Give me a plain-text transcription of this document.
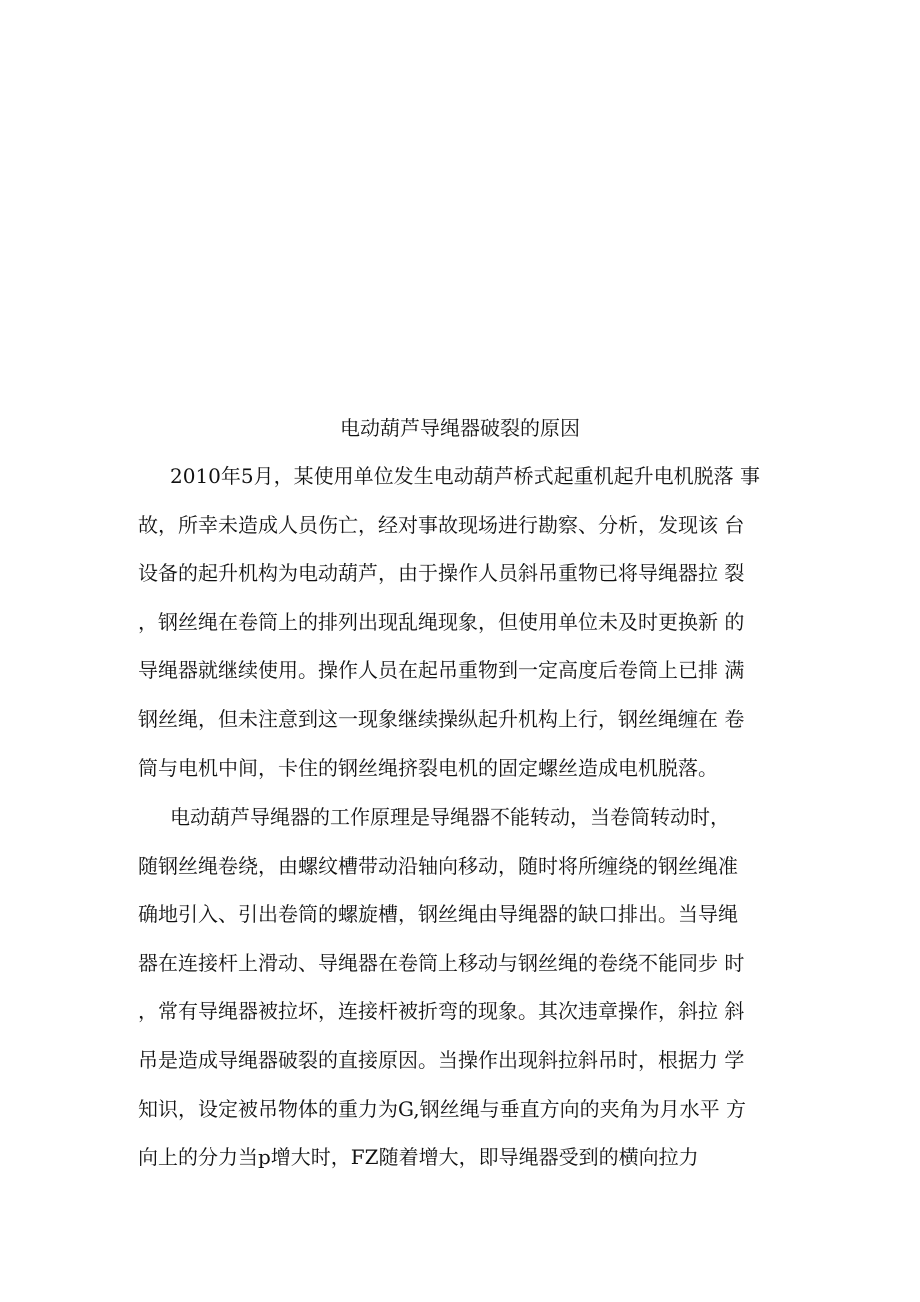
电动葫芦导绳器破裂的原因
2010年5月，某使用单位发生电动葫芦桥式起重机起升电机脱落 事
故，所幸未造成人员伤亡，经对事故现场进行勘察、分析，发现该 台
设备的起升机构为电动葫芦，由于操作人员斜吊重物已将导绳器拉 裂
，钢丝绳在卷筒上的排列出现乱绳现象，但使用单位未及时更换新 的
导绳器就继续使用。操作人员在起吊重物到一定高度后卷筒上已排 满
钢丝绳，但未注意到这一现象继续操纵起升机构上行，钢丝绳缠在 卷
筒与电机中间，卡住的钢丝绳挤裂电机的固定螺丝造成电机脱落。
电动葫芦导绳器的工作原理是导绳器不能转动，当卷筒转动时，
随钢丝绳卷绕，由螺纹槽带动沿轴向移动，随时将所缠绕的钢丝绳准
确地引入、引出卷筒的螺旋槽，钢丝绳由导绳器的缺口排出。当导绳
器在连接杆上滑动、导绳器在卷筒上移动与钢丝绳的卷绕不能同步 时
，常有导绳器被拉坏，连接杆被折弯的现象。其次违章操作，斜拉 斜
吊是造成导绳器破裂的直接原因。当操作出现斜拉斜吊时，根据力 学
知识，设定被吊物体的重力为G,钢丝绳与垂直方向的夹角为月水平 方
向上的分力当p增大时，FZ随着增大，即导绳器受到的横向拉力
